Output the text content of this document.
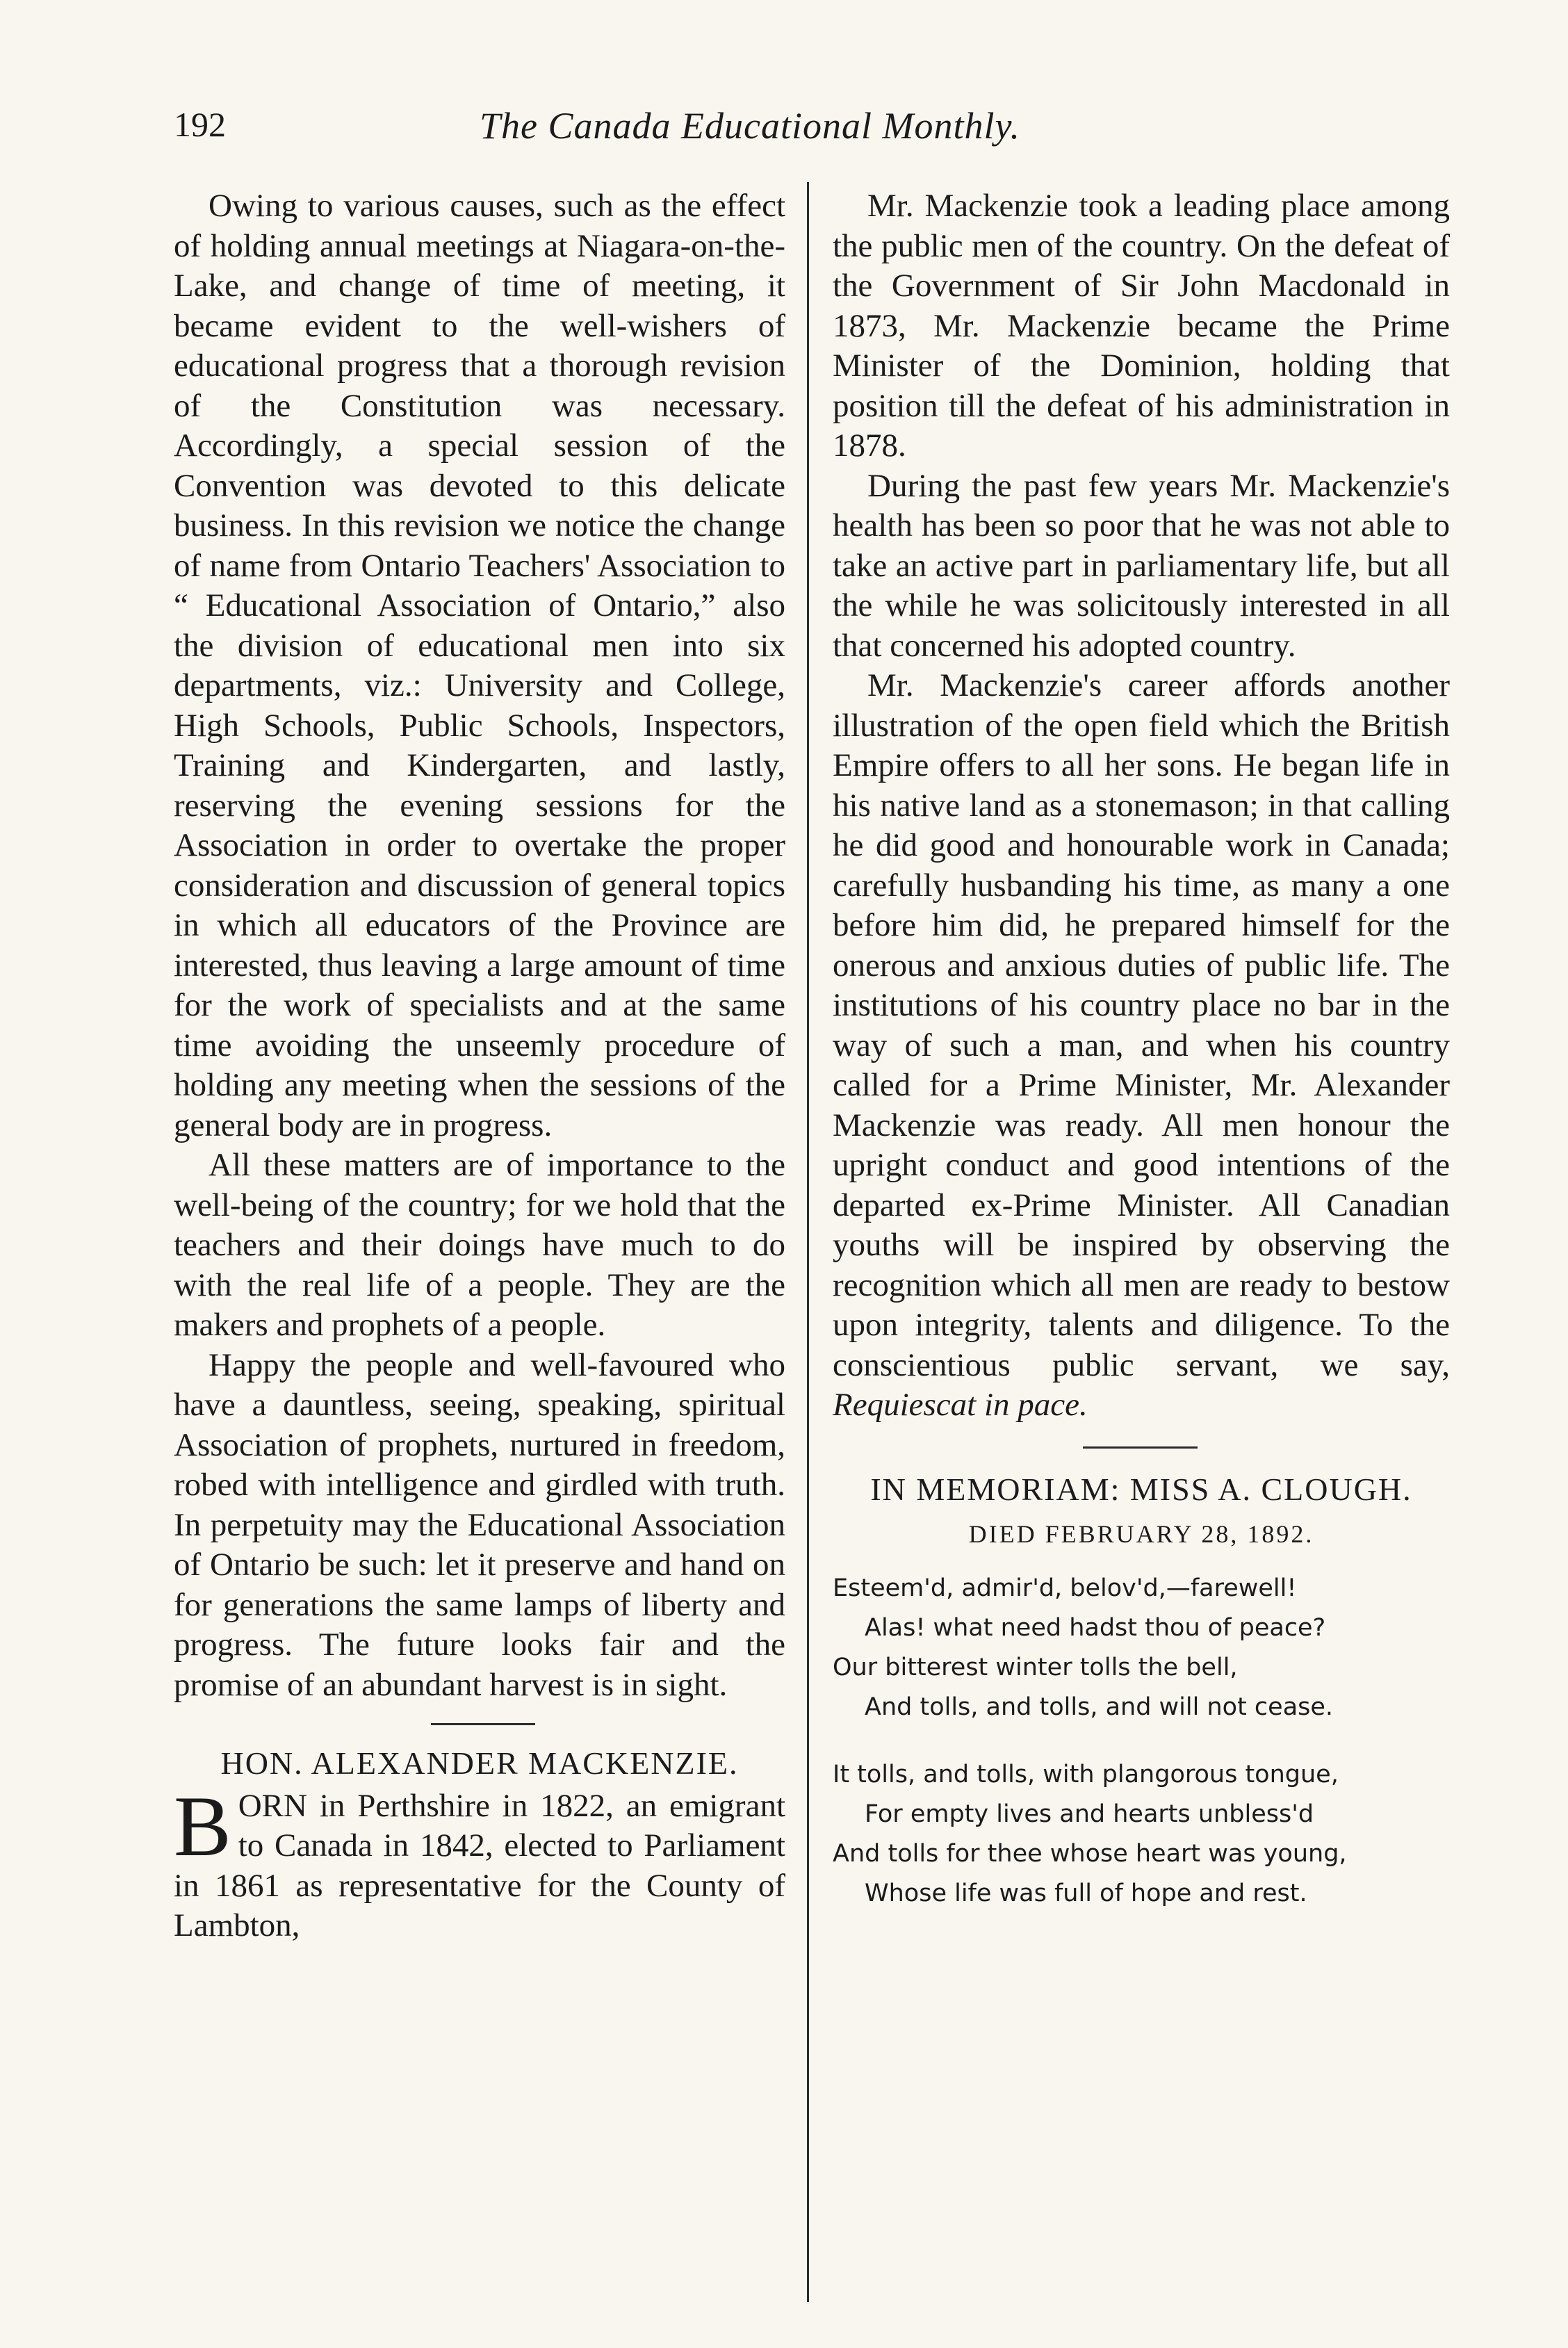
192	The Canada Educational Monthly.

Owing to various causes, such as the effect of holding annual meetings at Niagara-on-the-Lake, and change of time of meeting, it became evident to the well-wishers of educational progress that a thorough revision of the Constitution was necessary. Accordingly, a special session of the Convention was devoted to this delicate business. In this revision we notice the change of name from Ontario Teachers' Association to “ Educational Association of Ontario,” also the division of educational men into six departments, viz.: University and College, High Schools, Public Schools, Inspectors, Training and Kindergarten, and lastly, reserving the evening sessions for the Association in order to overtake the proper consideration and discussion of general topics in which all educators of the Province are interested, thus leaving a large amount of time for the work of specialists and at the same time avoiding the unseemly procedure of holding any meeting when the sessions of the general body are in progress.

All these matters are of importance to the well-being of the country; for we hold that the teachers and their doings have much to do with the real life of a people. They are the makers and prophets of a people.

Happy the people and well-favoured who have a dauntless, seeing, speaking, spiritual Association of prophets, nurtured in freedom, robed with intelligence and girdled with truth. In perpetuity may the Educational Association of Ontario be such: let it preserve and hand on for generations the same lamps of liberty and progress. The future looks fair and the promise of an abundant harvest is in sight.

HON. ALEXANDER MACKENZIE.

BORN in Perthshire in 1822, an emigrant to Canada in 1842, elected to Parliament in 1861 as representative for the County of Lambton,

Mr. Mackenzie took a leading place among the public men of the country. On the defeat of the Government of Sir John Macdonald in 1873, Mr. Mackenzie became the Prime Minister of the Dominion, holding that position till the defeat of his administration in 1878.

During the past few years Mr. Mackenzie's health has been so poor that he was not able to take an active part in parliamentary life, but all the while he was solicitously interested in all that concerned his adopted country.

Mr. Mackenzie's career affords another illustration of the open field which the British Empire offers to all her sons. He began life in his native land as a stonemason; in that calling he did good and honourable work in Canada; carefully husbanding his time, as many a one before him did, he prepared himself for the onerous and anxious duties of public life. The institutions of his country place no bar in the way of such a man, and when his country called for a Prime Minister, Mr. Alexander Mackenzie was ready. All men honour the upright conduct and good intentions of the departed ex-Prime Minister. All Canadian youths will be inspired by observing the recognition which all men are ready to bestow upon integrity, talents and diligence. To the conscientious public servant, we say, Requiescat in pace.

IN MEMORIAM: MISS A. CLOUGH.
DIED FEBRUARY 28, 1892.
Esteem'd, admir'd, belov'd,—farewell!
Alas! what need hadst thou of peace?
Our bitterest winter tolls the bell,
And tolls, and tolls, and will not cease.
It tolls, and tolls, with plangorous tongue,
For empty lives and hearts unbless'd
And tolls for thee whose heart was young,
Whose life was full of hope and rest.
